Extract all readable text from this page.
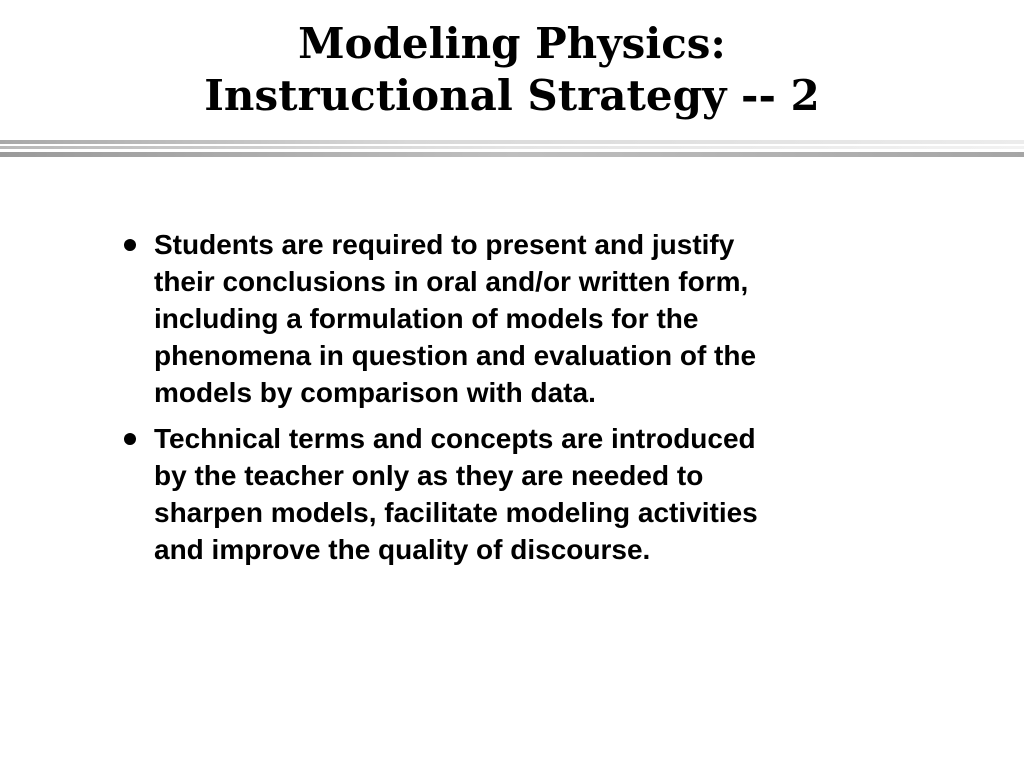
Modeling Physics:
Instructional Strategy -- 2
Students are required to present and justify
their conclusions in oral and/or written form,
including a formulation of models for the
phenomena in question and evaluation of the
models by comparison with data.
Technical terms and concepts are introduced
by the teacher only as they are needed to
sharpen models, facilitate modeling activities
and improve the quality of discourse.
